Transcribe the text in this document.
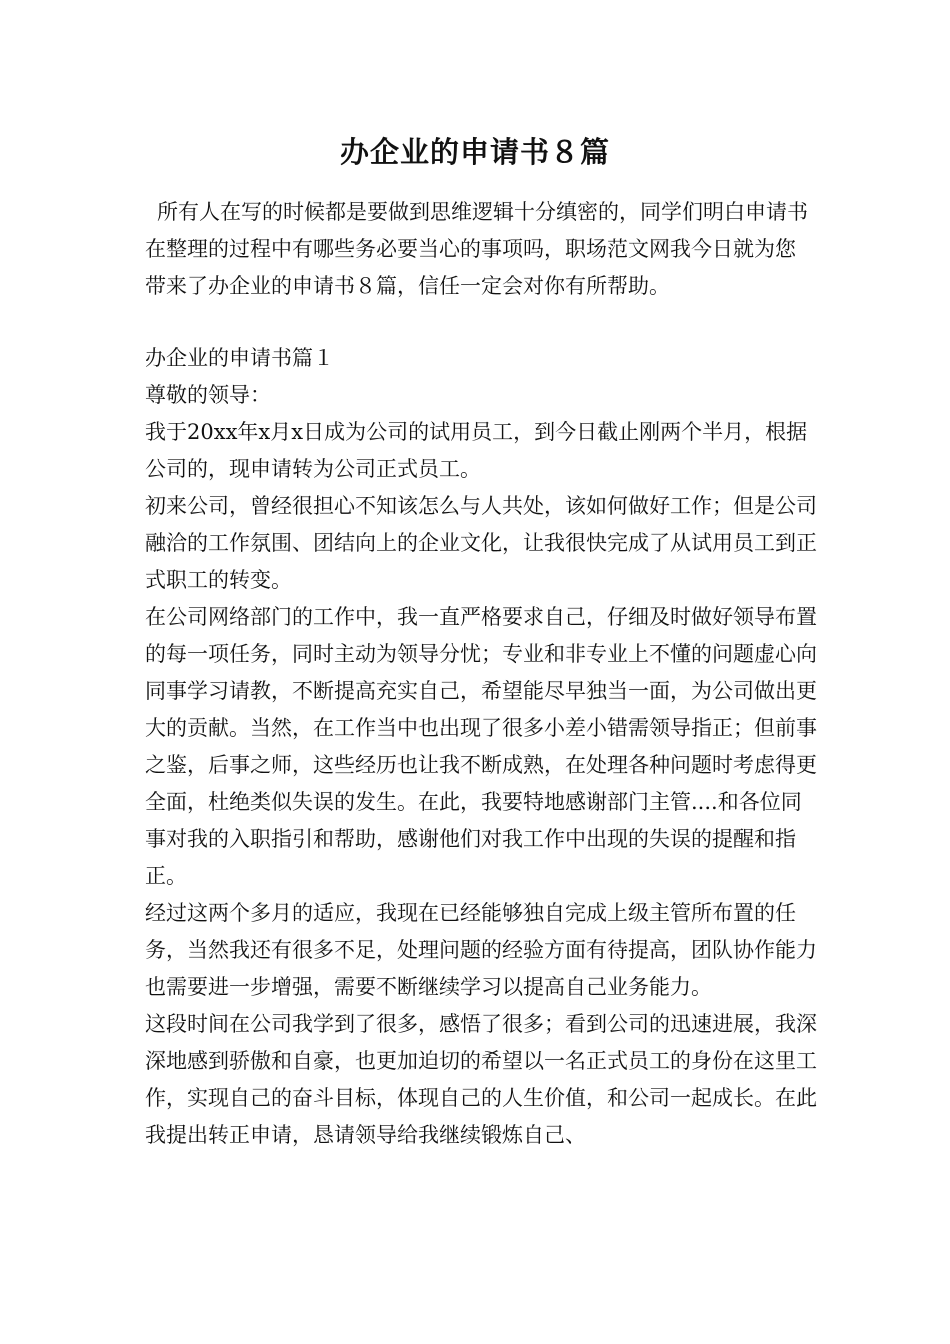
办企业的申请书８篇

所有人在写的时候都是要做到思维逻辑十分缜密的，同学们明白申请书在整理的过程中有哪些务必要当心的事项吗，职场范文网我今日就为您带来了办企业的申请书８篇，信任一定会对你有所帮助。

办企业的申请书篇１

尊敬的领导：

我于20xx年x月x日成为公司的试用员工，到今日截止刚两个半月，根据公司的，现申请转为公司正式员工。

初来公司，曾经很担心不知该怎么与人共处，该如何做好工作；但是公司融洽的工作氛围、团结向上的企业文化，让我很快完成了从试用员工到正式职工的转变。

在公司网络部门的工作中，我一直严格要求自己，仔细及时做好领导布置的每一项任务，同时主动为领导分忧；专业和非专业上不懂的问题虚心向同事学习请教，不断提高充实自己，希望能尽早独当一面，为公司做出更大的贡献。当然，在工作当中也出现了很多小差小错需领导指正；但前事之鉴，后事之师，这些经历也让我不断成熟，在处理各种问题时考虑得更全面，杜绝类似失误的发生。在此，我要特地感谢部门主管....和各位同事对我的入职指引和帮助，感谢他们对我工作中出现的失误的提醒和指正。

经过这两个多月的适应，我现在已经能够独自完成上级主管所布置的任务，当然我还有很多不足，处理问题的经验方面有待提高，团队协作能力也需要进一步增强，需要不断继续学习以提高自己业务能力。

这段时间在公司我学到了很多，感悟了很多；看到公司的迅速进展，我深深地感到骄傲和自豪，也更加迫切的希望以一名正式员工的身份在这里工作，实现自己的奋斗目标，体现自己的人生价值，和公司一起成长。在此我提出转正申请，恳请领导给我继续锻炼自己、
